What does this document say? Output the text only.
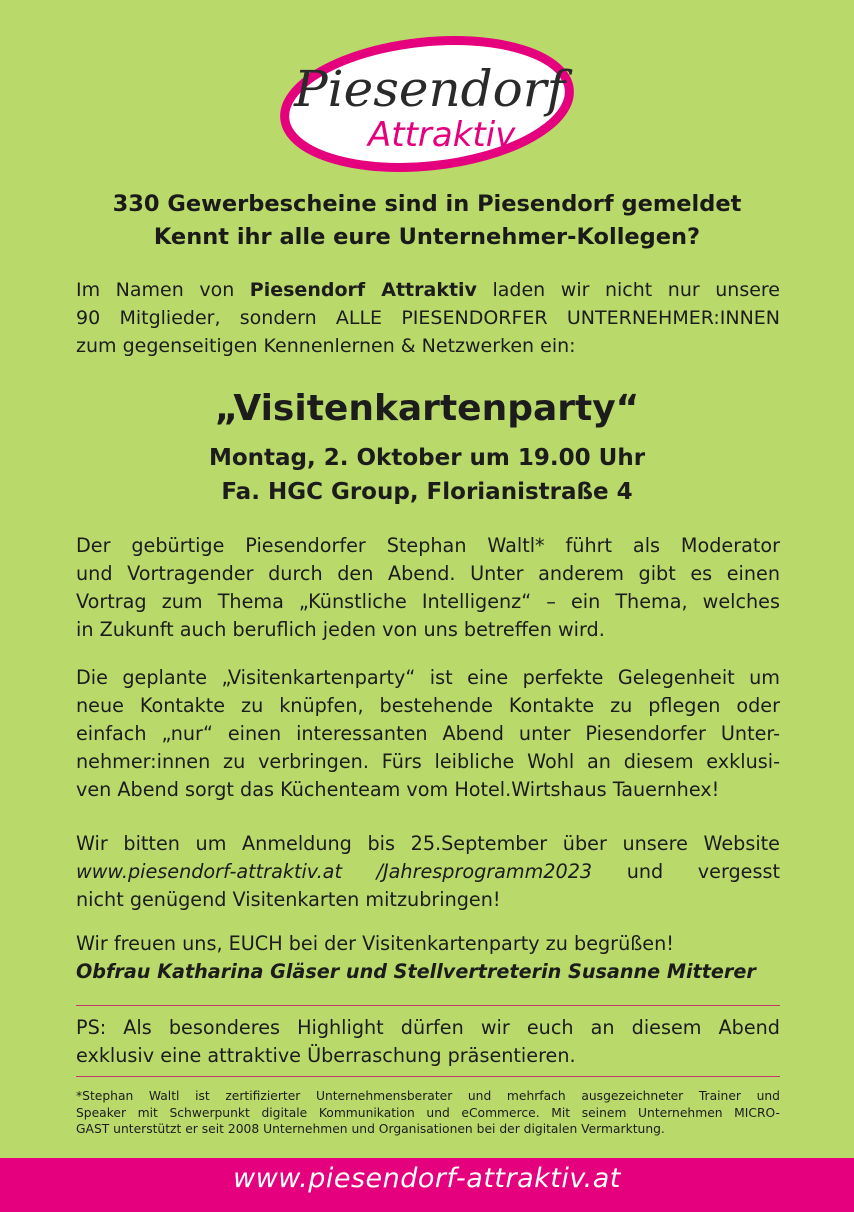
Piesendorf
Attraktiv
330 Gewerbescheine sind in Piesendorf gemeldet
Kennt ihr alle eure Unternehmer-Kollegen?
Im Namen von Piesendorf Attraktiv laden wir nicht nur unsere
90 Mitglieder, sondern ALLE PIESENDORFER UNTERNEHMER:INNEN
zum gegenseitigen Kennenlernen & Netzwerken ein:
„Visitenkartenparty“
Montag, 2. Oktober um 19.00 Uhr
Fa. HGC Group, Florianistraße 4
Der gebürtige Piesendorfer Stephan Waltl* führt als Moderator
und Vortragender durch den Abend. Unter anderem gibt es einen
Vortrag zum Thema „Künstliche Intelligenz“ – ein Thema, welches
in Zukunft auch beruflich jeden von uns betreffen wird.
Die geplante „Visitenkartenparty“ ist eine perfekte Gelegenheit um
neue Kontakte zu knüpfen, bestehende Kontakte zu pflegen oder
einfach „nur“ einen interessanten Abend unter Piesendorfer Unter-
nehmer:innen zu verbringen. Fürs leibliche Wohl an diesem exklusi-
ven Abend sorgt das Küchenteam vom Hotel.Wirtshaus Tauernhex!
Wir bitten um Anmeldung bis 25.September über unsere Website
www.piesendorf-attraktiv.at /Jahresprogramm2023 und vergesst
nicht genügend Visitenkarten mitzubringen!
Wir freuen uns, EUCH bei der Visitenkartenparty zu begrüßen!
Obfrau Katharina Gläser und Stellvertreterin Susanne Mitterer
PS: Als besonderes Highlight dürfen wir euch an diesem Abend
exklusiv eine attraktive Überraschung präsentieren.
*Stephan Waltl ist zertifizierter Unternehmensberater und mehrfach ausgezeichneter Trainer und
Speaker mit Schwerpunkt digitale Kommunikation und eCommerce. Mit seinem Unternehmen MICRO-
GAST unterstützt er seit 2008 Unternehmen und Organisationen bei der digitalen Vermarktung.
www.piesendorf-attraktiv.at
